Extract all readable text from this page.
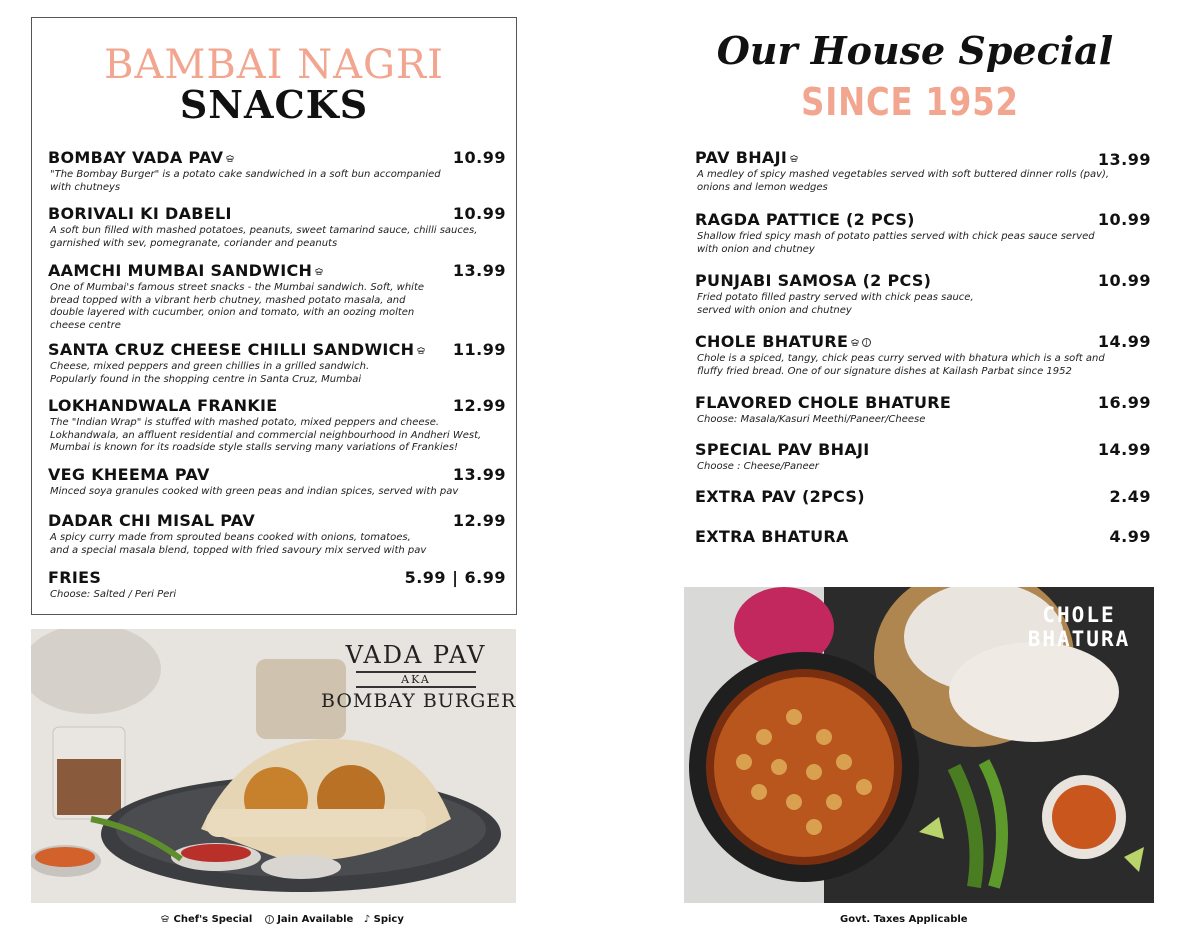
BAMBAI NAGRI
SNACKS
BOMBAY VADA PAV	10.99
"The Bombay Burger" is a potato cake sandwiched in a soft bun accompanied
with chutneys
BORIVALI KI DABELI	10.99
A soft bun filled with mashed potatoes, peanuts, sweet tamarind sauce, chilli sauces,
garnished with sev, pomegranate, coriander and peanuts
AAMCHI MUMBAI SANDWICH	13.99
One of Mumbai's famous street snacks - the Mumbai sandwich. Soft, white
bread topped with a vibrant herb chutney, mashed potato masala, and
double layered with cucumber, onion and tomato, with an oozing molten
cheese centre
SANTA CRUZ CHEESE CHILLI SANDWICH	11.99
Cheese, mixed peppers and green chillies in a grilled sandwich.
Popularly found in the shopping centre in Santa Cruz, Mumbai
LOKHANDWALA FRANKIE	12.99
The "Indian Wrap" is stuffed with mashed potato, mixed peppers and cheese.
Lokhandwala, an affluent residential and commercial neighbourhood in Andheri West,
Mumbai is known for its roadside style stalls serving many variations of Frankies!
VEG KHEEMA PAV	13.99
Minced soya granules cooked with green peas and indian spices, served with pav
DADAR CHI MISAL PAV	12.99
A spicy curry made from sprouted beans cooked with onions, tomatoes,
and a special masala blend, topped with fried savoury mix served with pav
FRIES	5.99 | 6.99
Choose: Salted / Peri Peri
VADA PAV
AKA
BOMBAY BURGER
Our House Special
SINCE 1952
PAV BHAJI	13.99
A medley of spicy mashed vegetables served with soft buttered dinner rolls (pav),
onions and lemon wedges
RAGDA PATTICE (2 PCS)	10.99
Shallow fried spicy mash of potato patties served with chick peas sauce served
with onion and chutney
PUNJABI SAMOSA (2 PCS)	10.99
Fried potato filled pastry served with chick peas sauce,
served with onion and chutney
CHOLE BHATURE	J	14.99
Chole is a spiced, tangy, chick peas curry served with bhatura which is a soft and
fluffy fried bread. One of our signature dishes at Kailash Parbat since 1952
FLAVORED CHOLE BHATURE	16.99
Choose: Masala/Kasuri Meethi/Paneer/Cheese
SPECIAL PAV BHAJI	14.99
Choose : Cheese/Paneer
EXTRA PAV (2PCS)	2.49
EXTRA BHATURA	4.99
CHOLE
BHATURA
Chef's Special	J Jain Available ♪ Spicy	Govt. Taxes Applicable
